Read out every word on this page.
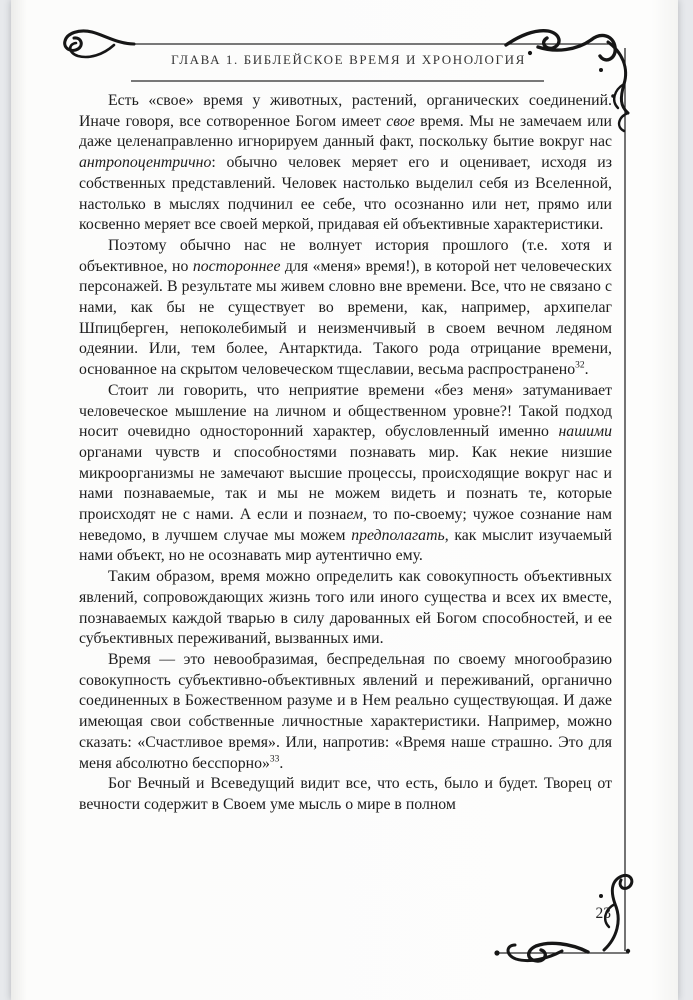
ГЛАВА 1. БИБЛЕЙСКОЕ ВРЕМЯ И ХРОНОЛОГИЯ

Есть «свое» время у животных, растений, органических соединений. Иначе говоря, все сотворенное Богом имеет свое время. Мы не замечаем или даже целенаправленно игнорируем данный факт, поскольку бытие вокруг нас антропоцентрично: обычно человек меряет его и оценивает, исходя из собственных представлений. Человек настолько выделил себя из Вселенной, настолько в мыслях подчинил ее себе, что осознанно или нет, прямо или косвенно меряет все своей меркой, придавая ей объективные характеристики.

Поэтому обычно нас не волнует история прошлого (т.е. хотя и объективное, но постороннее для «меня» время!), в которой нет человеческих персонажей. В результате мы живем словно вне времени. Все, что не связано с нами, как бы не существует во времени, как, например, архипелаг Шпицберген, непоколебимый и неизменчивый в своем вечном ледяном одеянии. Или, тем более, Антарктида. Такого рода отрицание времени, основанное на скрытом человеческом тщеславии, весьма распространено$^{32}$.

Стоит ли говорить, что неприятие времени «без меня» затуманивает человеческое мышление на личном и общественном уровне?! Такой подход носит очевидно односторонний характер, обусловленный именно нашими органами чувств и способностями познавать мир. Как некие низшие микроорганизмы не замечают высшие процессы, происходящие вокруг нас и нами познаваемые, так и мы не можем видеть и познать те, которые происходят не с нами. А если и познаем, то по-своему; чужое сознание нам неведомо, в лучшем случае мы можем предполагать, как мыслит изучаемый нами объект, но не осознавать мир аутентично ему.

Таким образом, время можно определить как совокупность объективных явлений, сопровождающих жизнь того или иного существа и всех их вместе, познаваемых каждой тварью в силу дарованных ей Богом способностей, и ее субъективных переживаний, вызванных ими.

Время — это невообразимая, беспредельная по своему многообразию совокупность субъективно-объективных явлений и переживаний, органично соединенных в Божественном разуме и в Нем реально существующая. И даже имеющая свои собственные личностные характеристики. Например, можно сказать: «Счастливое время». Или, напротив: «Время наше страшно. Это для меня абсолютно бесспорно»$^{33}$.

Бог Вечный и Всеведущий видит все, что есть, было и будет. Творец от вечности содержит в Своем уме мысль о мире в полном

23
